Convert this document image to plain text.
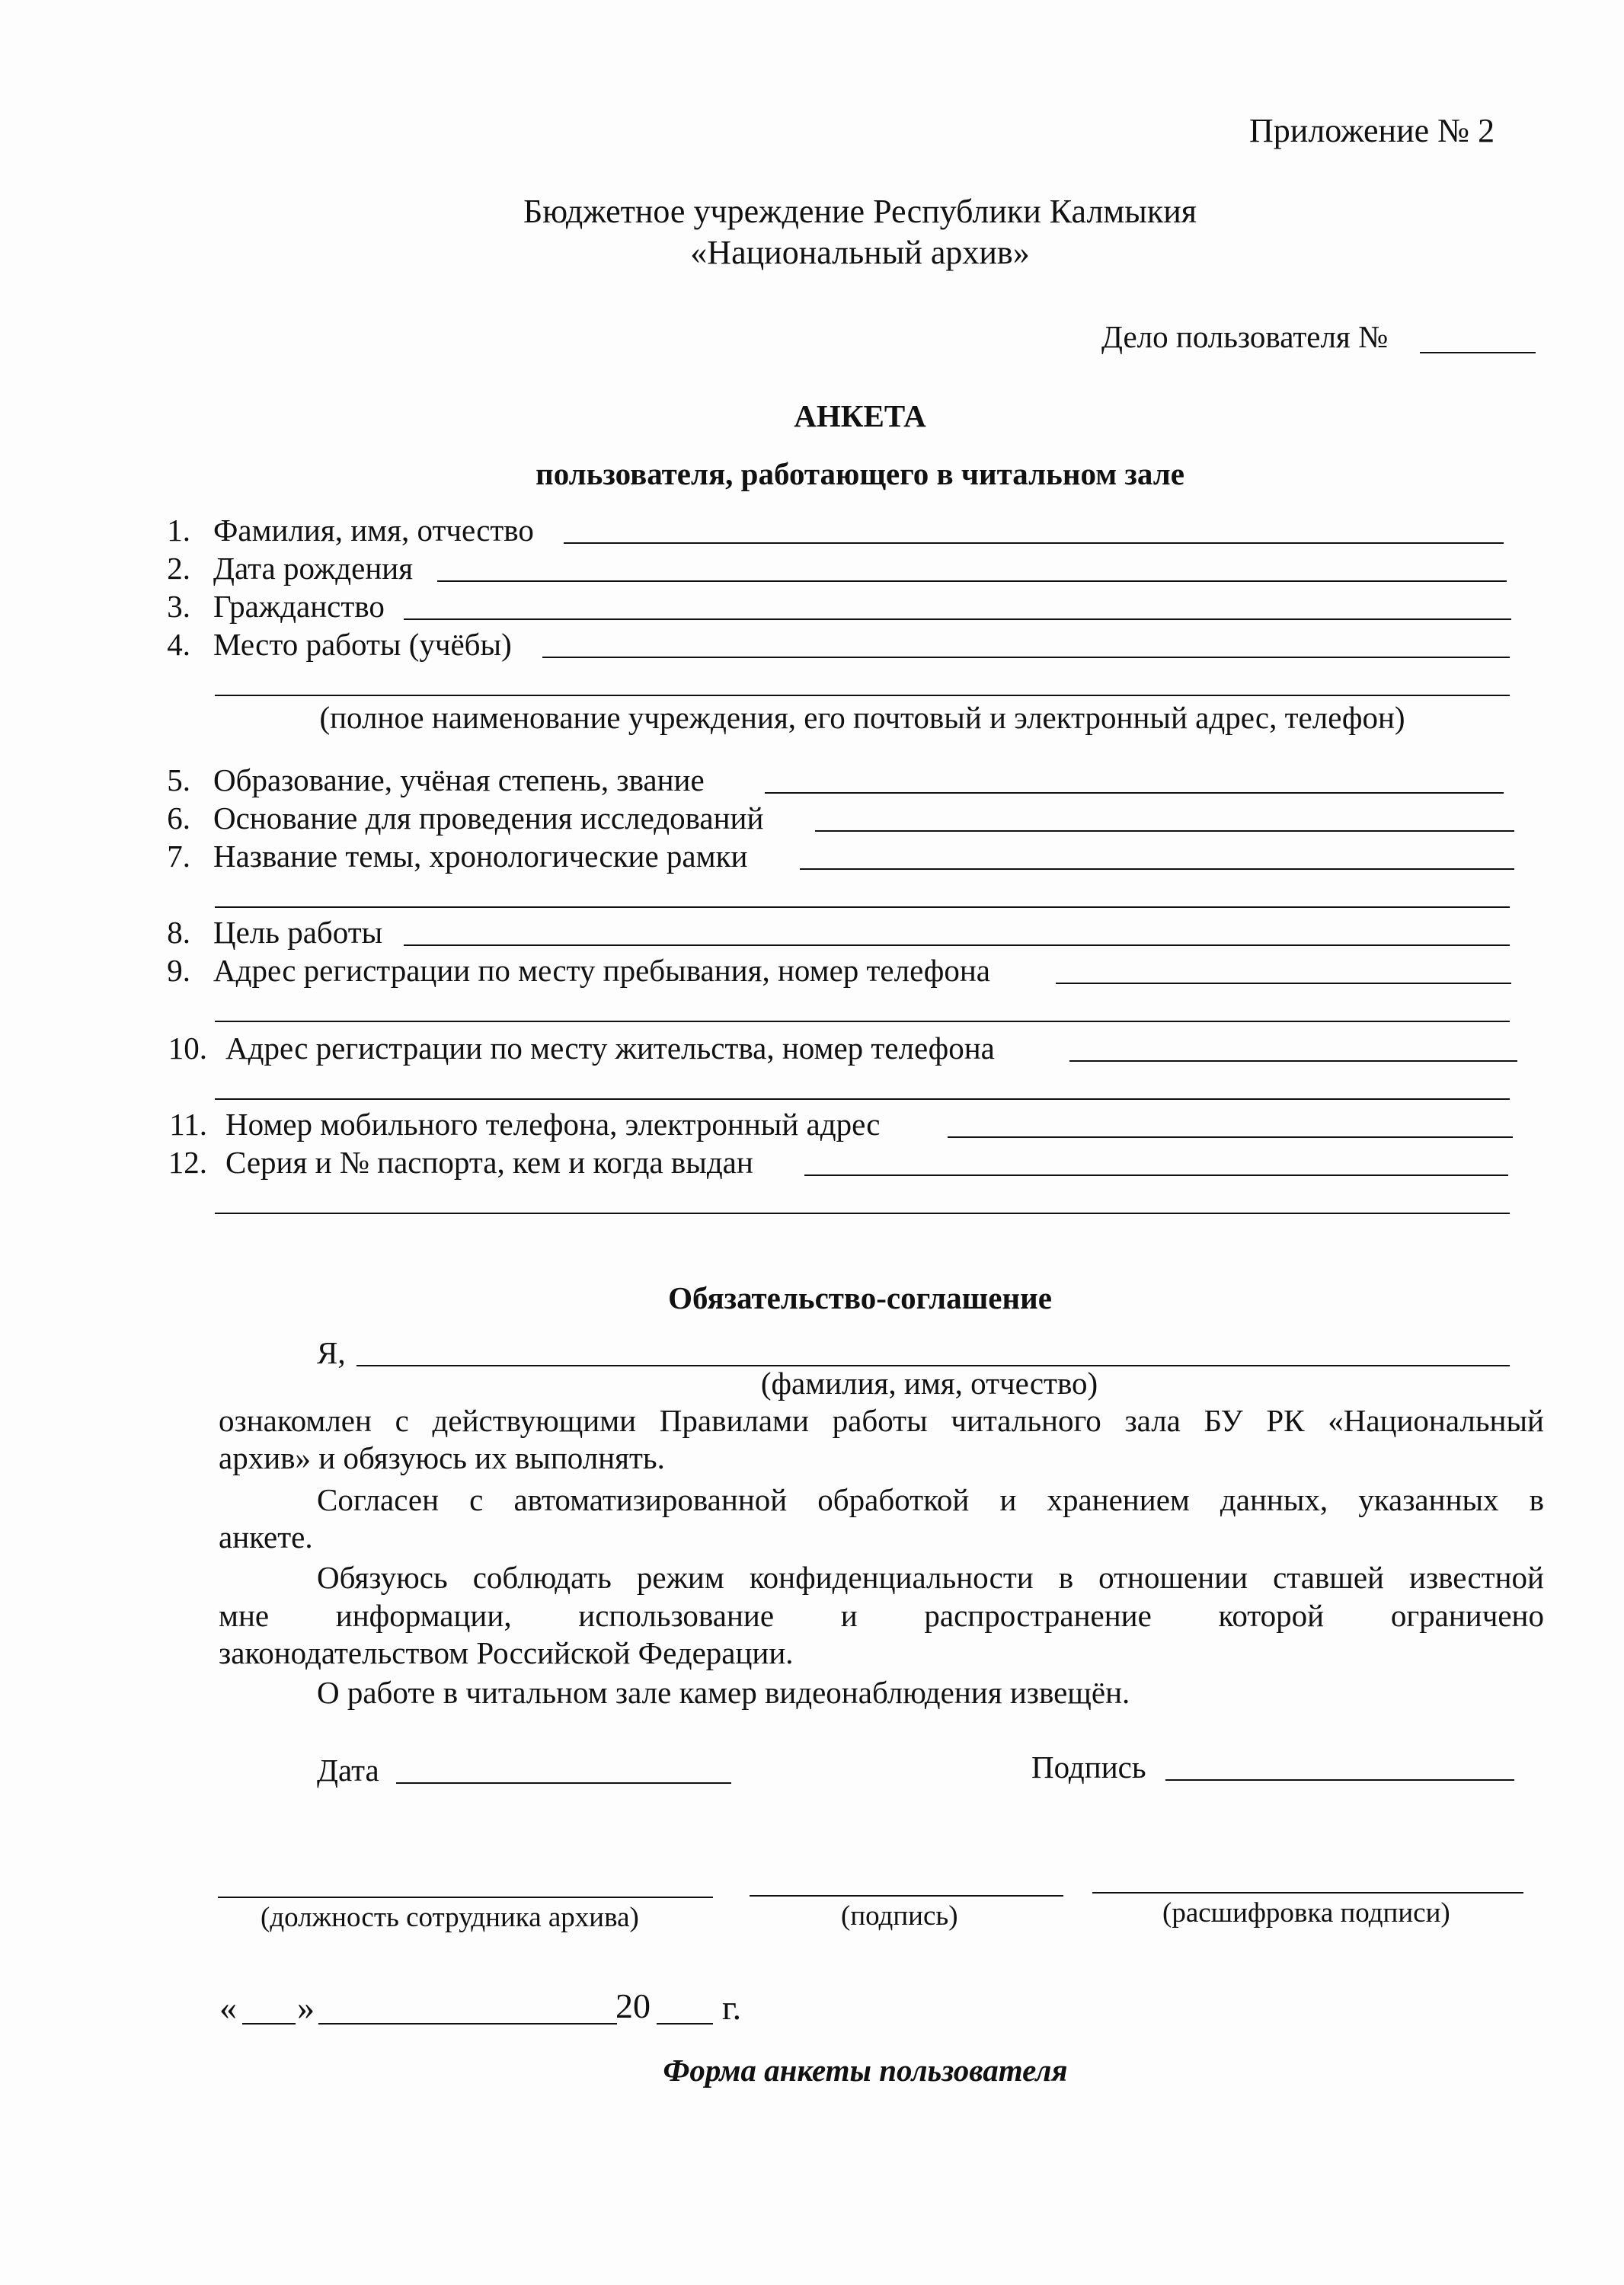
Приложение № 2
Бюджетное учреждение Республики Калмыкия
«Национальный архив»
Дело пользователя №
АНКЕТА
пользователя, работающего в читальном зале
1. Фамилия, имя, отчество
2. Дата рождения
3. Гражданство
4. Место работы (учёбы)
(полное наименование учреждения, его почтовый и электронный адрес, телефон)
5. Образование, учёная степень, звание
6. Основание для проведения исследований
7. Название темы, хронологические рамки
8. Цель работы
9. Адрес регистрации по месту пребывания, номер телефона
10. Адрес регистрации по месту жительства, номер телефона
11. Номер мобильного телефона, электронный адрес
12. Серия и № паспорта, кем и когда выдан
Обязательство-соглашение
Я,
(фамилия, имя, отчество)
ознакомлен с действующими Правилами работы читального зала БУ РК «Национальный
архив» и обязуюсь их выполнять.
Согласен с автоматизированной обработкой и хранением данных, указанных в
анкете.
Обязуюсь соблюдать режим конфиденциальности в отношении ставшей известной
мне информации, использование и распространение которой ограничено
законодательством Российской Федерации.
О работе в читальном зале камер видеонаблюдения извещён.
Дата	Подпись
(должность сотрудника архива)	(подпись)	(расшифровка подписи)
« »	20 г.
Форма анкеты пользователя
